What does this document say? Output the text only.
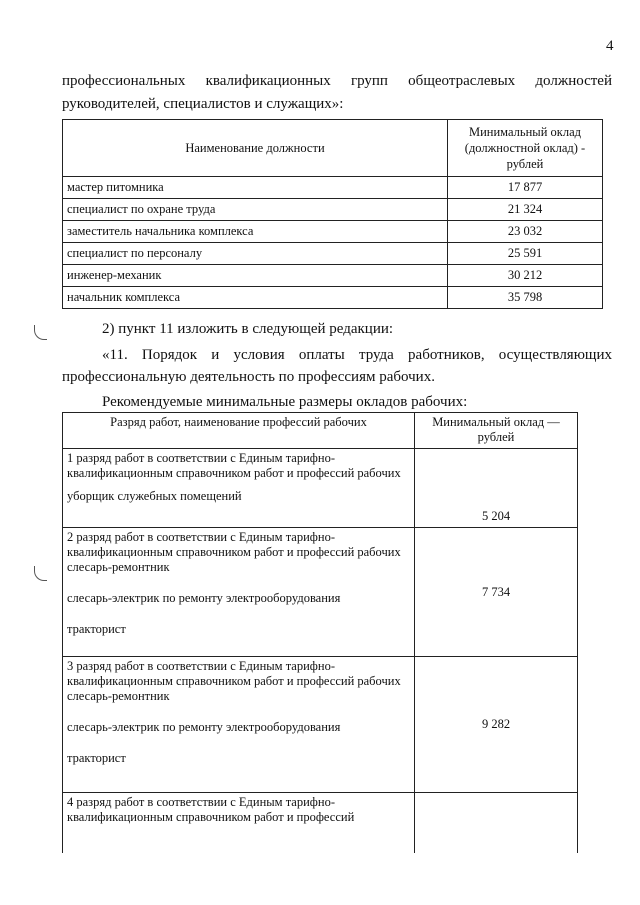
4
профессиональных квалификационных групп общеотраслевых должностей
руководителей, специалистов и служащих»:
Наименование должности	Минимальный оклад (должностной оклад) - рублей
мастер питомника	17 877
специалист по охране труда	21 324
заместитель начальника комплекса	23 032
специалист по персоналу	25 591
инженер-механик	30 212
начальник комплекса	35 798
2) пункт 11 изложить в следующей редакции:
«11. Порядок и условия оплаты труда работников, осуществляющих
профессиональную деятельность по профессиям рабочих.
Рекомендуемые минимальные размеры окладов рабочих:
Разряд работ, наименование профессий рабочих	Минимальный оклад — рублей

1 разряд работ в соответствии с Единым тарифно-квалификационным справочником работ и профессий рабочих
уборщик служебных помещений	5 204

2 разряд работ в соответствии с Единым тарифно-квалификационным справочником работ и профессий рабочих
слесарь-ремонтник
слесарь-электрик по ремонту электрооборудования
тракторист	7 734

3 разряд работ в соответствии с Единым тарифно-квалификационным справочником работ и профессий рабочих
слесарь-ремонтник
слесарь-электрик по ремонту электрооборудования
тракторист	9 282

4 разряд работ в соответствии с Единым тарифно-квалификационным справочником работ и профессий	
